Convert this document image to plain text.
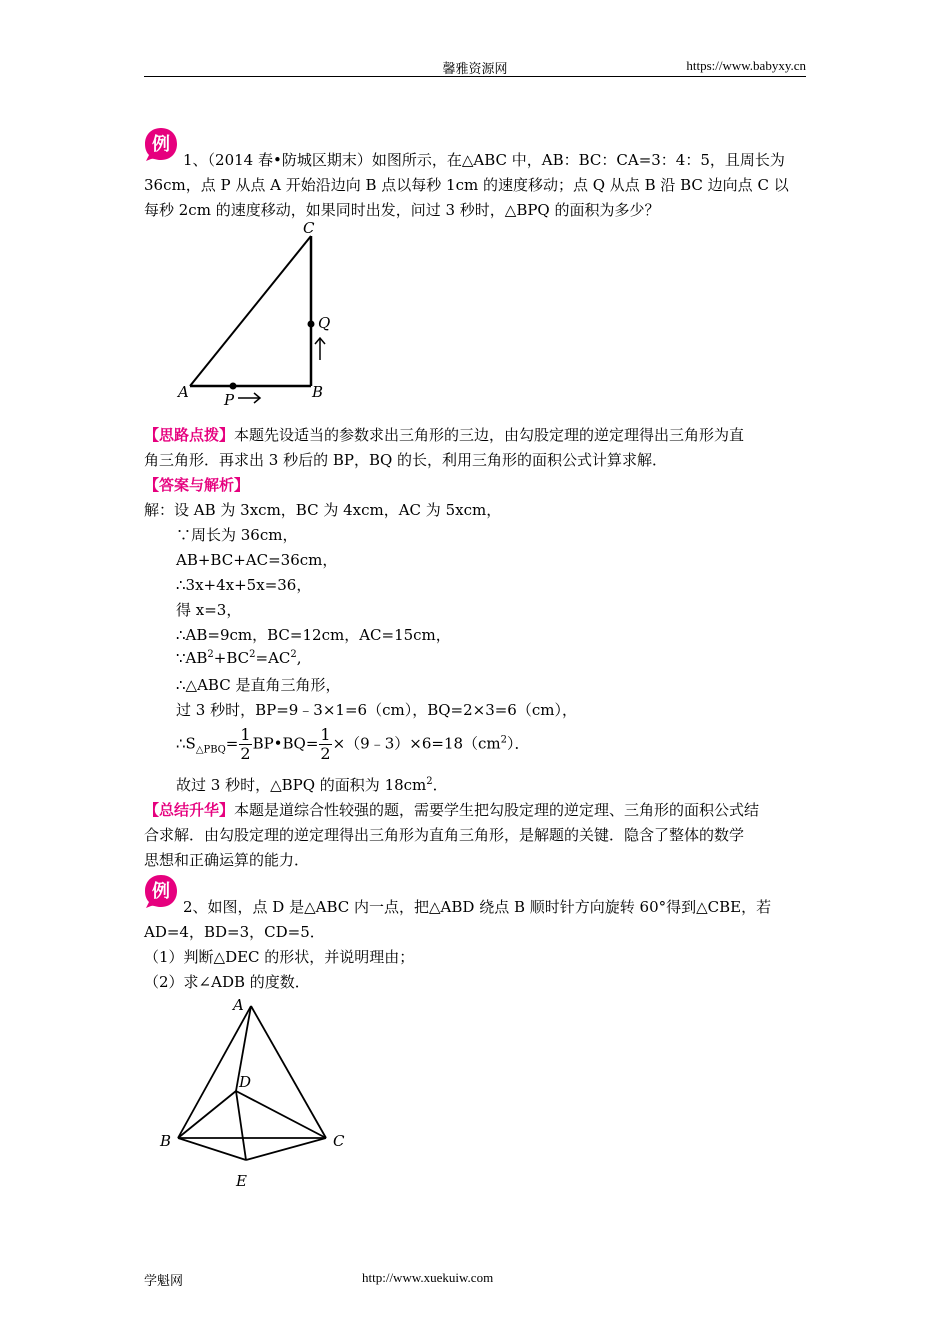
馨雅资源网	https://www.babyxy.cn
例
1、（2014 春•防城区期末）如图所示，在△ABC 中，AB：BC：CA=3：4：5，且周长为
36cm，点 P 从点 A 开始沿边向 B 点以每秒 1cm 的速度移动；点 Q 从点 B 沿 BC 边向点 C 以
每秒 2cm 的速度移动，如果同时出发，问过 3 秒时，△BPQ 的面积为多少？
C
Q
A	B
P
【思路点拨】本题先设适当的参数求出三角形的三边，由勾股定理的逆定理得出三角形为直
角三角形．再求出 3 秒后的 BP，BQ 的长，利用三角形的面积公式计算求解．
【答案与解析】
解：设 AB 为 3xcm，BC 为 4xcm，AC 为 5xcm，
∵周长为 36cm，
AB+BC+AC=36cm，
∴3x+4x+5x=36，
得 x=3，
∴AB=9cm，BC=12cm，AC=15cm，
$\because AB^2+BC^2=AC^2$,
∴△ABC 是直角三角形，
过 3 秒时，BP=9﹣3×1=6（cm），BQ=2×3=6（cm），
$\therefore S_{\triangle PBQ}= \frac{1}{2}$ BP•BQ= $\frac{1}{2}$ $\times(9﹣3)\times 6=18(cm^2)$．
故过 3 秒时，△BPQ 的面积为 $18cm^2$．
【总结升华】本题是道综合性较强的题，需要学生把勾股定理的逆定理、三角形的面积公式结
合求解．由勾股定理的逆定理得出三角形为直角三角形，是解题的关键．隐含了整体的数学
思想和正确运算的能力．
例
2、如图，点 D 是△ABC 内一点，把△ABD 绕点 B 顺时针方向旋转 60°得到△CBE，若
AD=4，BD=3，CD=5．
（1）判断△DEC 的形状，并说明理由；
（2）求∠ADB 的度数．
A
D
B	C
E
学魁网	http://www.xuekuiw.com
